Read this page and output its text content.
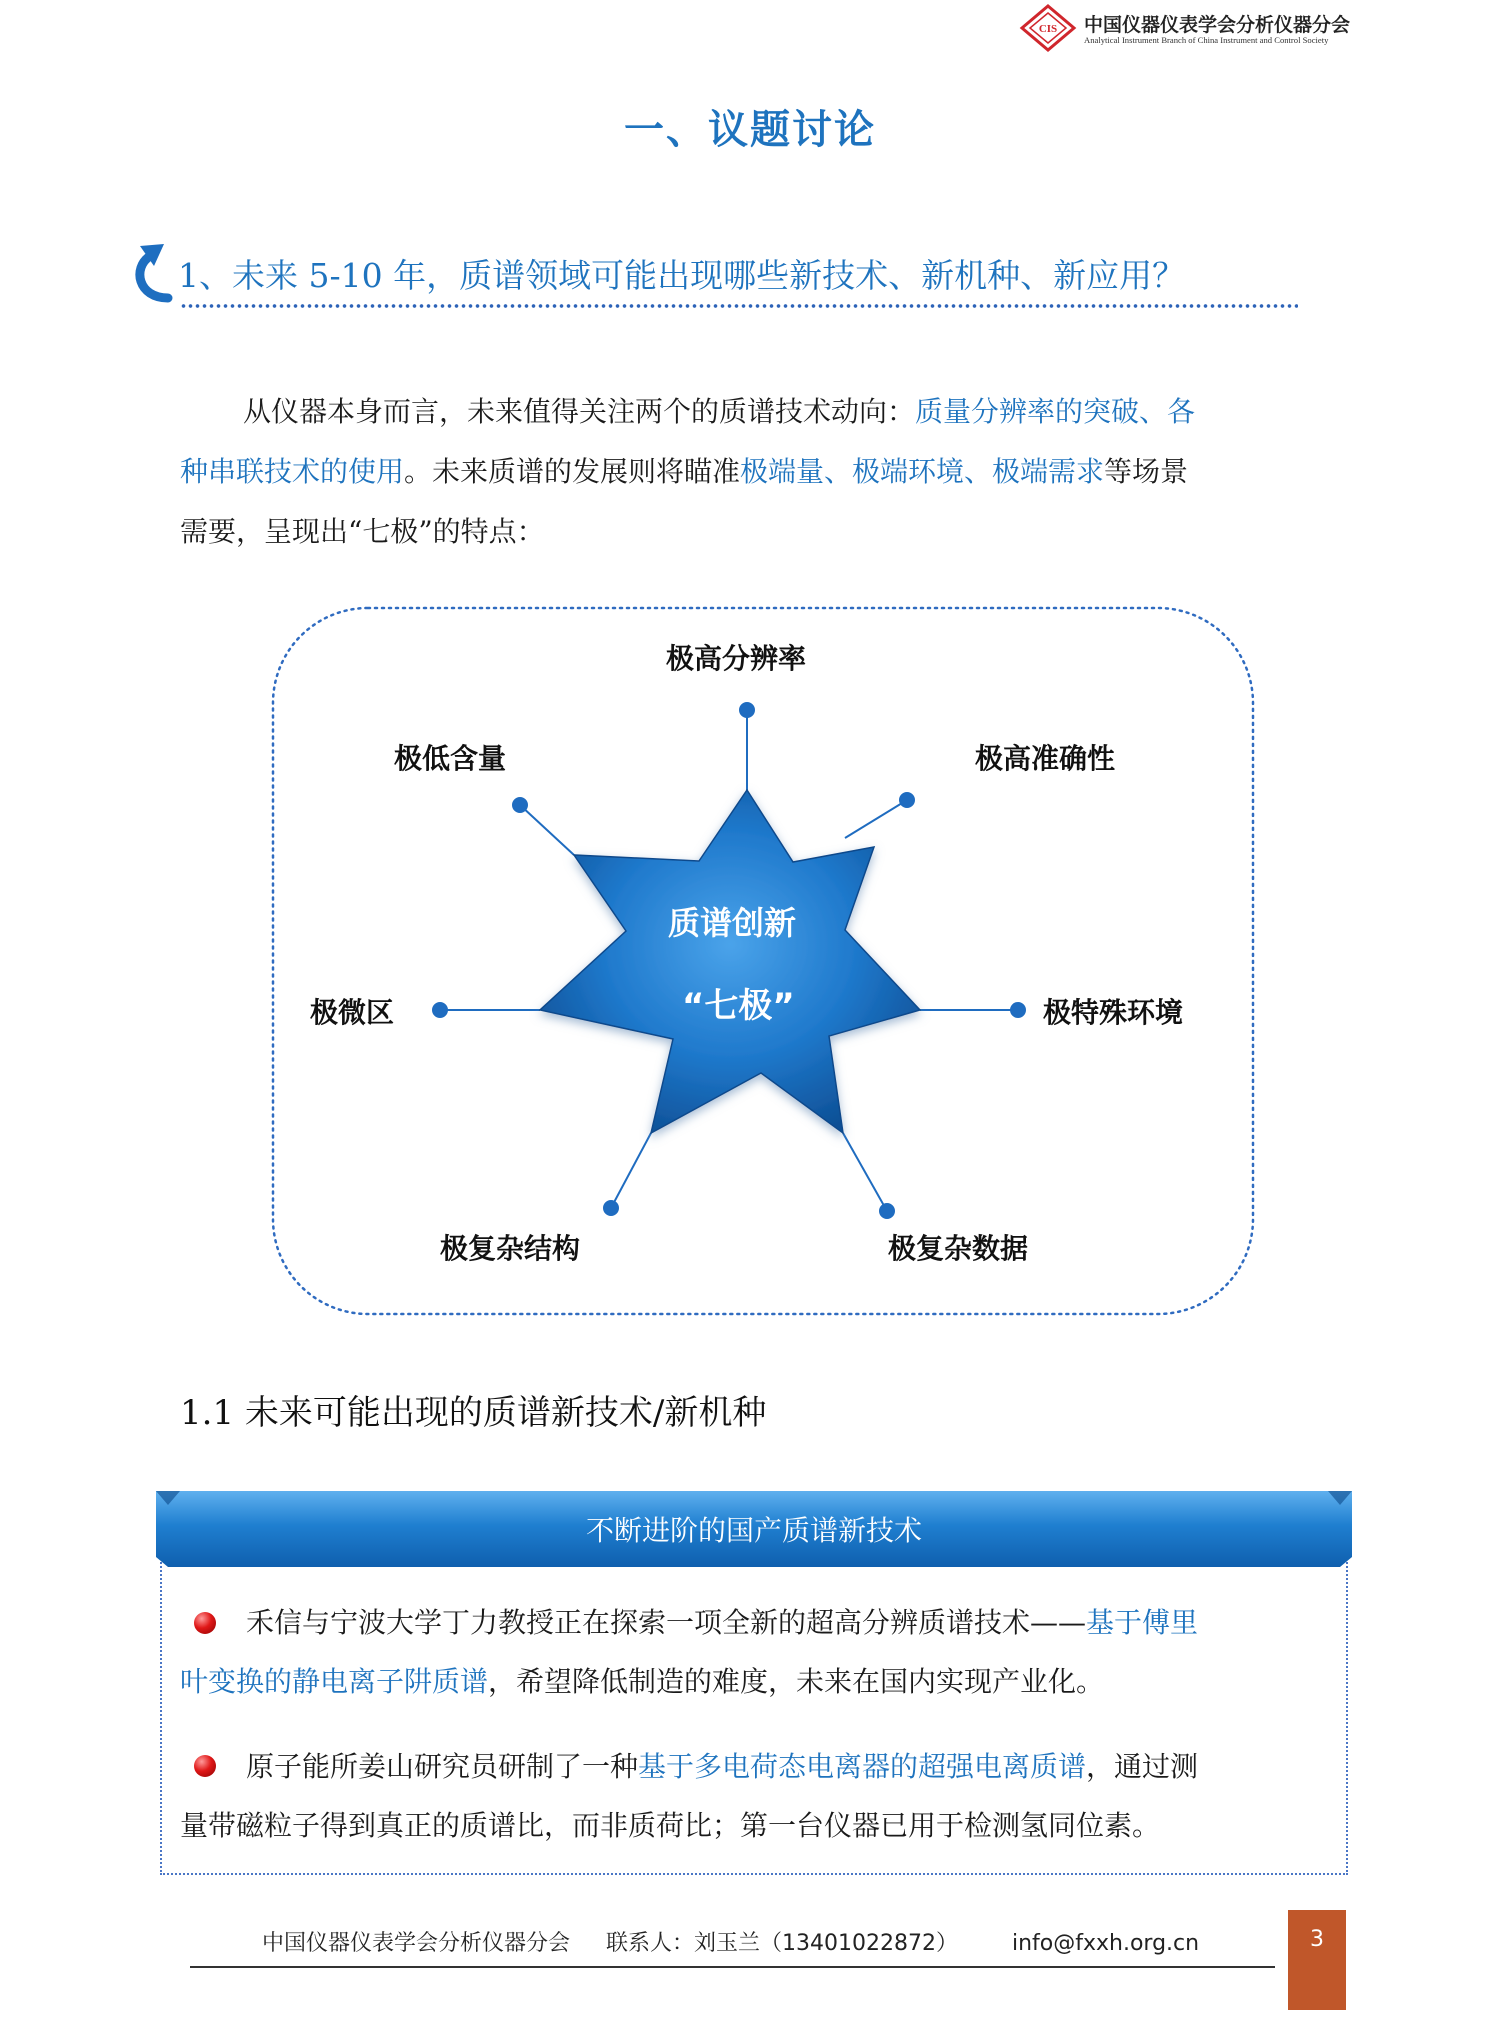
CIS 中国仪器仪表学会分析仪器分会
Analytical Instrument Branch of China Instrument and Control Society
一、议题讨论
1、未来 5-10 年，质谱领域可能出现哪些新技术、新机种、新应用？

从仪器本身而言，未来值得关注两个的质谱技术动向：质量分辨率的突破、各

种串联技术的使用。未来质谱的发展则将瞄准极端量、极端环境、极端需求等场景

需要，呈现出“七极”的特点：

质谱创新
“七极”
极高分辨率
极高准确性
极特殊环境
极复杂数据
极复杂结构
极微区
极低含量
1.1 未来可能出现的质谱新技术/新机种
不断进阶的国产质谱新技术
禾信与宁波大学丁力教授正在探索一项全新的超高分辨质谱技术——基于傅里
叶变换的静电离子阱质谱，希望降低制造的难度，未来在国内实现产业化。
原子能所姜山研究员研制了一种基于多电荷态电离器的超强电离质谱，通过测
量带磁粒子得到真正的质谱比，而非质荷比；第一台仪器已用于检测氢同位素。
中国仪器仪表学会分析仪器分会 联系人：刘玉兰（13401022872） info@fxxh.org.cn	3
